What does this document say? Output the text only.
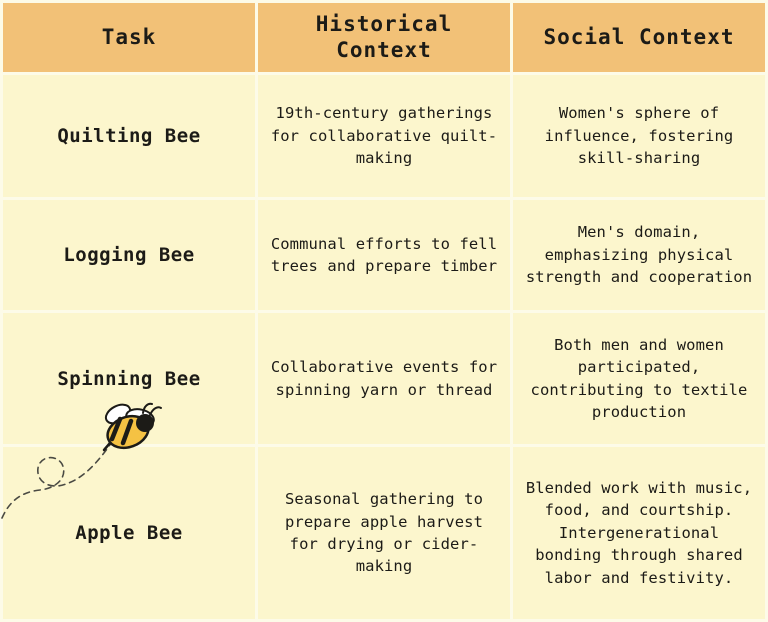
Task	Historical Context	Social Context
Quilting Bee	19th-century gatherings for collaborative quilt-making	Women's sphere of influence, fostering skill-sharing
Logging Bee	Communal efforts to fell trees and prepare timber	Men's domain, emphasizing physical strength and cooperation
Spinning Bee	Collaborative events for spinning yarn or thread	Both men and women participated, contributing to textile production
Apple Bee	Seasonal gathering to prepare apple harvest for drying or cider-making	Blended work with music, food, and courtship. Intergenerational bonding through shared labor and festivity.
